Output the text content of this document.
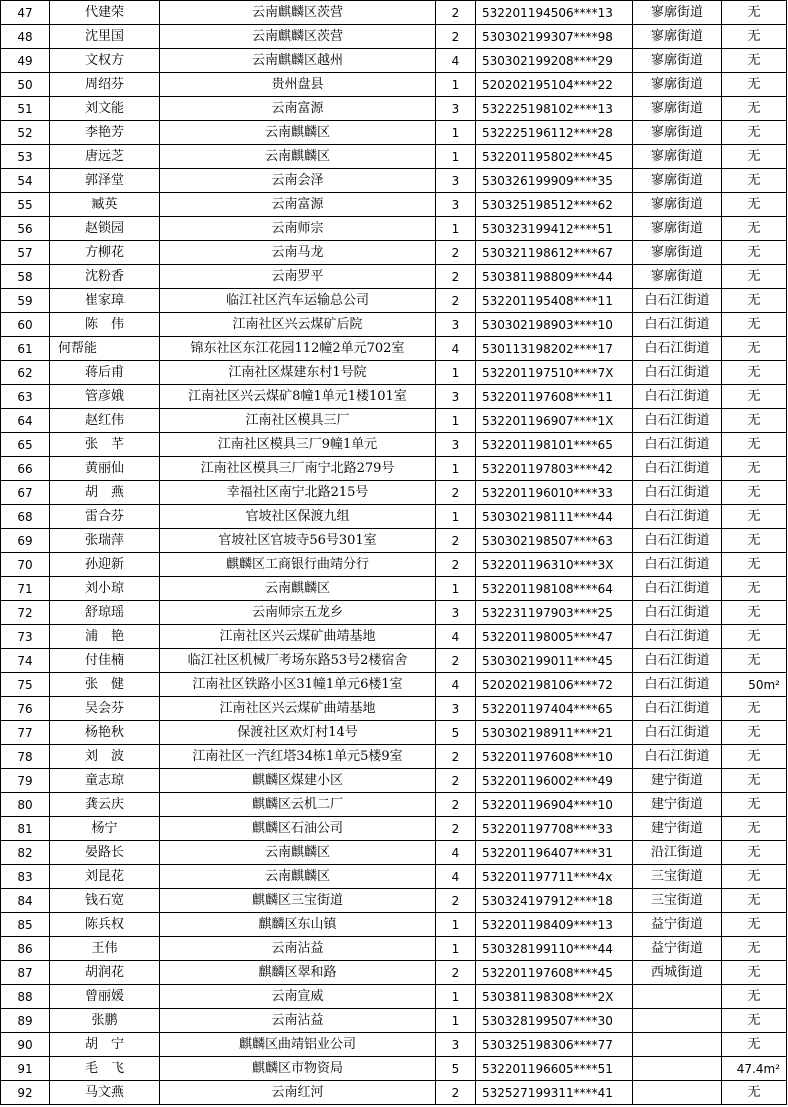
47	代建荣	云南麒麟区茨营	2	532201194506****13	寥廓街道	无
48	沈里国	云南麒麟区茨营	2	530302199307****98	寥廓街道	无
49	文权方	云南麒麟区越州	4	530302199208****29	寥廓街道	无
50	周绍芬	贵州盘县	1	520202195104****22	寥廓街道	无
51	刘文能	云南富源	3	532225198102****13	寥廓街道	无
52	李艳芳	云南麒麟区	1	532225196112****28	寥廓街道	无
53	唐远芝	云南麒麟区	1	532201195802****45	寥廓街道	无
54	郭泽堂	云南会泽	3	530326199909****35	寥廓街道	无
55	臧英	云南富源	3	530325198512****62	寥廓街道	无
56	赵锁园	云南师宗	1	530323199412****51	寥廓街道	无
57	方柳花	云南马龙	2	530321198612****67	寥廓街道	无
58	沈粉香	云南罗平	2	530381198809****44	寥廓街道	无
59	崔家璋	临江社区汽车运输总公司	2	532201195408****11	白石江街道	无
60	陈　伟	江南社区兴云煤矿后院	3	530302198903****10	白石江街道	无
61	何帮能	锦东社区东江花园112幢2单元702室	4	530113198202****17	白石江街道	无
62	蒋后甫	江南社区煤建东村1号院	1	532201197510****7X	白石江街道	无
63	管彦娥	江南社区兴云煤矿8幢1单元1楼101室	3	532201197608****11	白石江街道	无
64	赵红伟	江南社区模具三厂	1	532201196907****1X	白石江街道	无
65	张　芊	江南社区模具三厂9幢1单元	3	532201198101****65	白石江街道	无
66	黄丽仙	江南社区模具三厂南宁北路279号	1	532201197803****42	白石江街道	无
67	胡　燕	幸福社区南宁北路215号	2	532201196010****33	白石江街道	无
68	雷合芬	官坡社区保渡九组	1	530302198111****44	白石江街道	无
69	张瑞萍	官坡社区官坡寺56号301室	2	530302198507****63	白石江街道	无
70	孙迎新	麒麟区工商银行曲靖分行	2	532201196310****3X	白石江街道	无
71	刘小琼	云南麒麟区	1	532201198108****64	白石江街道	无
72	舒琼瑶	云南师宗五龙乡	3	532231197903****25	白石江街道	无
73	浦　艳	江南社区兴云煤矿曲靖基地	4	532201198005****47	白石江街道	无
74	付佳楠	临江社区机械厂考场东路53号2楼宿舍	2	530302199011****45	白石江街道	无
75	张　健	江南社区铁路小区31幢1单元6楼1室	4	520202198106****72	白石江街道	50m²
76	吴会芬	江南社区兴云煤矿曲靖基地	3	532201197404****65	白石江街道	无
77	杨艳秋	保渡社区欢灯村14号	5	530302198911****21	白石江街道	无
78	刘　波	江南社区一汽红塔34栋1单元5楼9室	2	532201197608****10	白石江街道	无
79	童志琼	麒麟区煤建小区	2	532201196002****49	建宁街道	无
80	龚云庆	麒麟区云机二厂	2	532201196904****10	建宁街道	无
81	杨宁	麒麟区石油公司	2	532201197708****33	建宁街道	无
82	晏路长	云南麒麟区	4	532201196407****31	沿江街道	无
83	刘昆花	云南麒麟区	4	532201197711****4x	三宝街道	无
84	钱石宽	麒麟区三宝街道	2	530324197912****18	三宝街道	无
85	陈兵权	麒麟区东山镇	1	532201198409****13	益宁街道	无
86	王伟	云南沾益	1	530328199110****44	益宁街道	无
87	胡润花	麒麟区翠和路	2	532201197608****45	西城街道	无
88	曾丽媛	云南宣威	1	530381198308****2X		无
89	张鹏	云南沾益	1	530328199507****30		无
90	胡　宁	麒麟区曲靖铝业公司	3	530325198306****77		无
91	毛　飞	麒麟区市物资局	5	532201196605****51		47.4m²
92	马文燕	云南红河	2	532527199311****41		无
